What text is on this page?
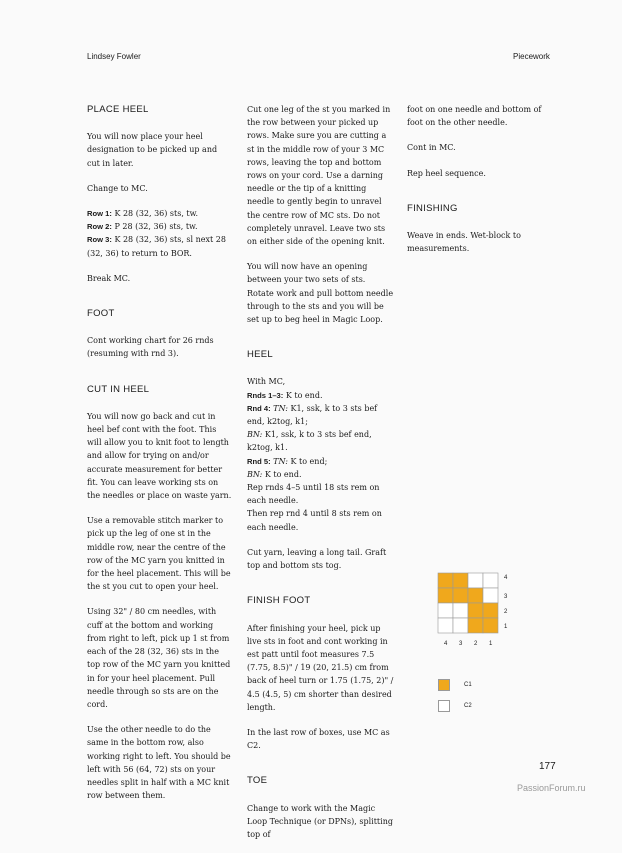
Lindsey Fowler	Piecework
PLACE HEEL

You will now place your heel designation to be picked up and cut in later.

Change to MC.

Row 1: K 28 (32, 36) sts, tw.
Row 2: P 28 (32, 36) sts, tw.
Row 3: K 28 (32, 36) sts, sl next 28 (32, 36) to return to BOR.

Break MC.

FOOT

Cont working chart for 26 rnds (resuming with rnd 3).

CUT IN HEEL

You will now go back and cut in heel bef cont with the foot. This will allow you to knit foot to length and allow for trying on and/or accurate measurement for better fit. You can leave working sts on the needles or place on waste yarn.

Use a removable stitch marker to pick up the leg of one st in the middle row, near the centre of the row of the MC yarn you knitted in for the heel placement. This will be the st you cut to open your heel.

Using 32" / 80 cm needles, with cuff at the bottom and working from right to left, pick up 1 st from each of the 28 (32, 36) sts in the top row of the MC yarn you knitted in for your heel placement. Pull needle through so sts are on the cord.

Use the other needle to do the same in the bottom row, also working right to left. You should be left with 56 (64, 72) sts on your needles split in half with a MC knit row between them.

Cut one leg of the st you marked in the row between your picked up rows. Make sure you are cutting a st in the middle row of your 3 MC rows, leaving the top and bottom rows on your cord. Use a darning needle or the tip of a knitting needle to gently begin to unravel the centre row of MC sts. Do not completely unravel. Leave two sts on either side of the opening knit.

You will now have an opening between your two sets of sts. Rotate work and pull bottom needle through to the sts and you will be set up to beg heel in Magic Loop.

HEEL

With MC,
Rnds 1–3: K to end.
Rnd 4: TN: K1, ssk, k to 3 sts bef end, k2tog, k1;
BN: K1, ssk, k to 3 sts bef end, k2tog, k1.
Rnd 5: TN: K to end;
BN: K to end.
Rep rnds 4–5 until 18 sts rem on each needle.
Then rep rnd 4 until 8 sts rem on each needle.

Cut yarn, leaving a long tail. Graft top and bottom sts tog.

FINISH FOOT

After finishing your heel, pick up live sts in foot and cont working in est patt until foot measures 7.5 (7.75, 8.5)" / 19 (20, 21.5) cm from back of heel turn or 1.75 (1.75, 2)" / 4.5 (4.5, 5) cm shorter than desired length.

In the last row of boxes, use MC as C2.

TOE

Change to work with the Magic Loop Technique (or DPNs), splitting top of

foot on one needle and bottom of foot on the other needle.

Cont in MC.

Rep heel sequence.

FINISHING

Weave in ends. Wet-block to measurements.

4
3
2
1
4 3 2 1
C1
C2
177
PassionForum.ru
